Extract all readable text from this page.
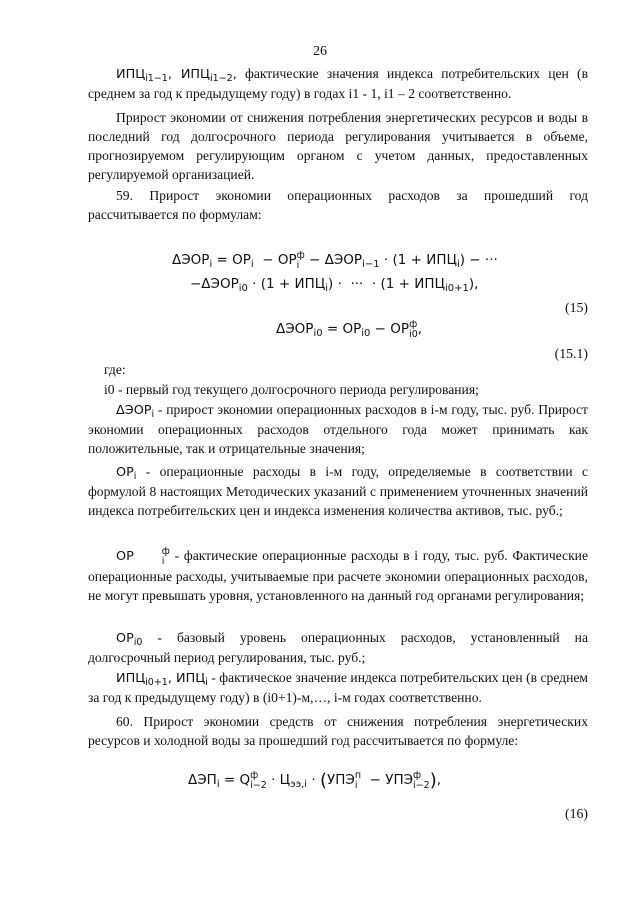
26

$ИПЦ_{i1-1}$, $ИПЦ_{i1-2}$, фактические значения индекса потребительских цен (в среднем за год к предыдущему году) в годах i1 - 1, i1 – 2 соответственно.

Прирост экономии от снижения потребления энергетических ресурсов и воды в последний год долгосрочного периода регулирования учитывается в объеме, прогнозируемом регулирующим органом с учетом данных, предоставленных регулируемой организацией.

59. Прирост экономии операционных расходов за прошедший год рассчитывается по формулам:

$\Delta ЭОР_i = ОР_i$  − ОР ф
$i - \Delta ЭОР_{i-1} \cdot (1 + ИПЦ_i)$ − ···
$-\Delta ЭОР_{i0} \cdot (1 + ИПЦ_i)$ ·  ···  · $(1 + ИПЦ_{i0+1})$,
(15)
$\Delta ЭОР_{i0} = ОР_{i0}$ − ОР ф
i0 ,
(15.1)

где:

i0 - первый год текущего долгосрочного периода регулирования;

$\Delta ЭОР_i$ - прирост экономии операционных расходов в i-м году, тыс. руб. Прирост экономии операционных расходов отдельного года может принимать как положительные, так и отрицательные значения;

$ОР_i$ - операционные расходы в i-м году, определяемые в соответствии с формулой 8 настоящих Методических указаний с применением уточненных значений индекса потребительских цен и индекса изменения количества активов, тыс. руб.;

ОР	ф
i - фактические операционные расходы в i году, тыс. руб. Фактические операционные расходы, учитываемые при расчете экономии операционных расходов, не могут превышать уровня, установленного на данный год органами регулирования;

$ОР_{i0}$ - базовый уровень операционных расходов, установленный на долгосрочный период регулирования, тыс. руб.;

$ИПЦ_{i0+1}$, $ИПЦ_i$ - фактическое значение индекса потребительских цен (в среднем за год к предыдущему году) в (i0+1)-м,…, i-м годах соответственно.

60. Прирост экономии средств от снижения потребления энергетических ресурсов и холодной воды за прошедший год рассчитывается по формуле:

$\Delta ЭП_i = Q$ ф
$i-2 \cdot Ц_{ээ,i} \cdot (УПЭ$ п
i − УПЭ ф
i−2 ),
(16)
